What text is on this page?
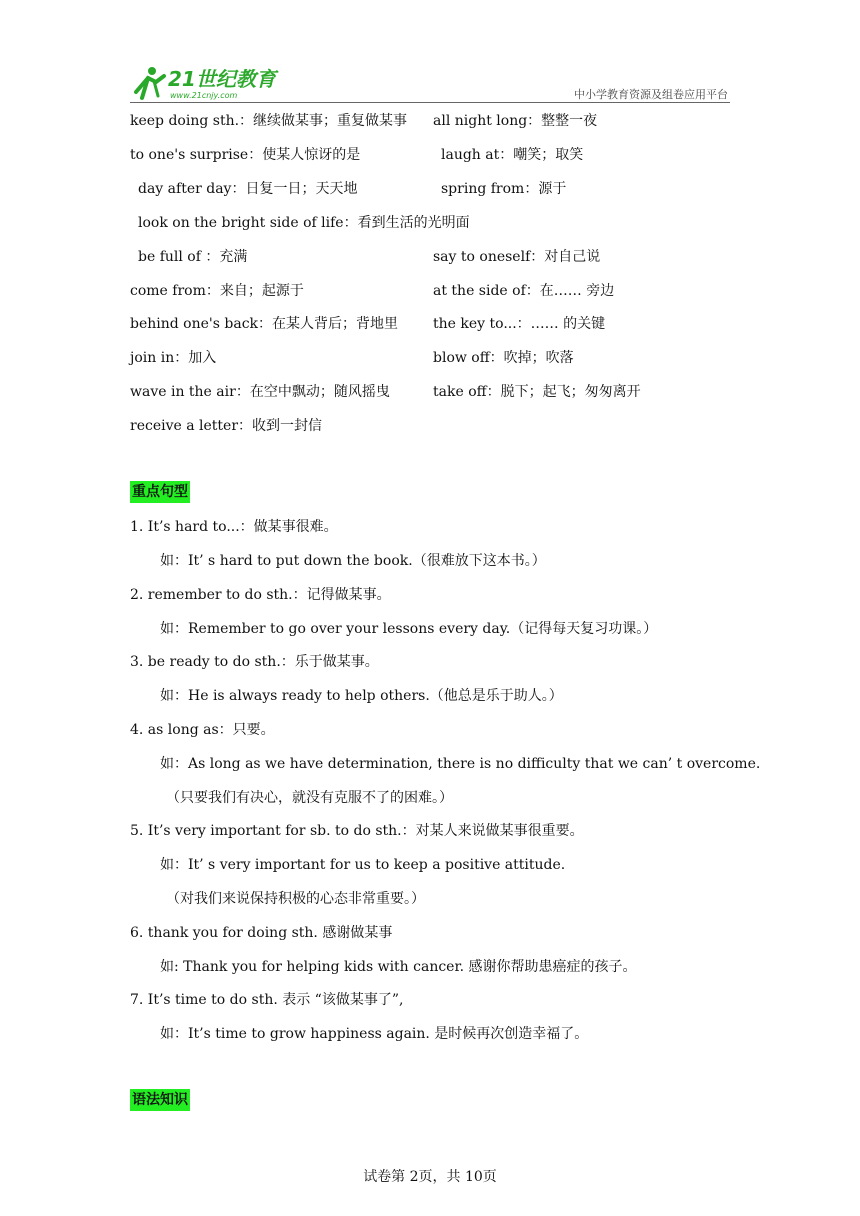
21世纪教育
www.21cnjy.com	中小学教育资源及组卷应用平台
keep doing sth.：继续做某事；重复做某事 all night long：整整一夜
to one's surprise：使某人惊讶的是	laugh at：嘲笑；取笑
day after day：日复一日；天天地	spring from：源于
look on the bright side of life：看到生活的光明面
be full of ：充满	say to oneself：对自己说
come from：来自；起源于	at the side of：在…… 旁边
behind one's back：在某人背后；背地里 the key to...：…… 的关键
join in：加入	blow off：吹掉；吹落
wave in the air：在空中飘动；随风摇曳	take off：脱下；起飞；匆匆离开
receive a letter：收到一封信
重点句型
1. It’s hard to...：做某事很难。
如：It’ s hard to put down the book.（很难放下这本书。）
2. remember to do sth.：记得做某事。
如：Remember to go over your lessons every day.（记得每天复习功课。）
3. be ready to do sth.：乐于做某事。
如：He is always ready to help others.（他总是乐于助人。）
4. as long as：只要。
如：As long as we have determination, there is no difficulty that we can’ t overcome.
（只要我们有决心，就没有克服不了的困难。）
5. It’s very important for sb. to do sth.：对某人来说做某事很重要。
如：It’ s very important for us to keep a positive attitude.
（对我们来说保持积极的心态非常重要。）
6. thank you for doing sth. 感谢做某事
如: Thank you for helping kids with cancer. 感谢你帮助患癌症的孩子。
7. It’s time to do sth. 表示 “该做某事了”,
如：It’s time to grow happiness again. 是时候再次创造幸福了。
语法知识
试卷第 2页，共 10页
